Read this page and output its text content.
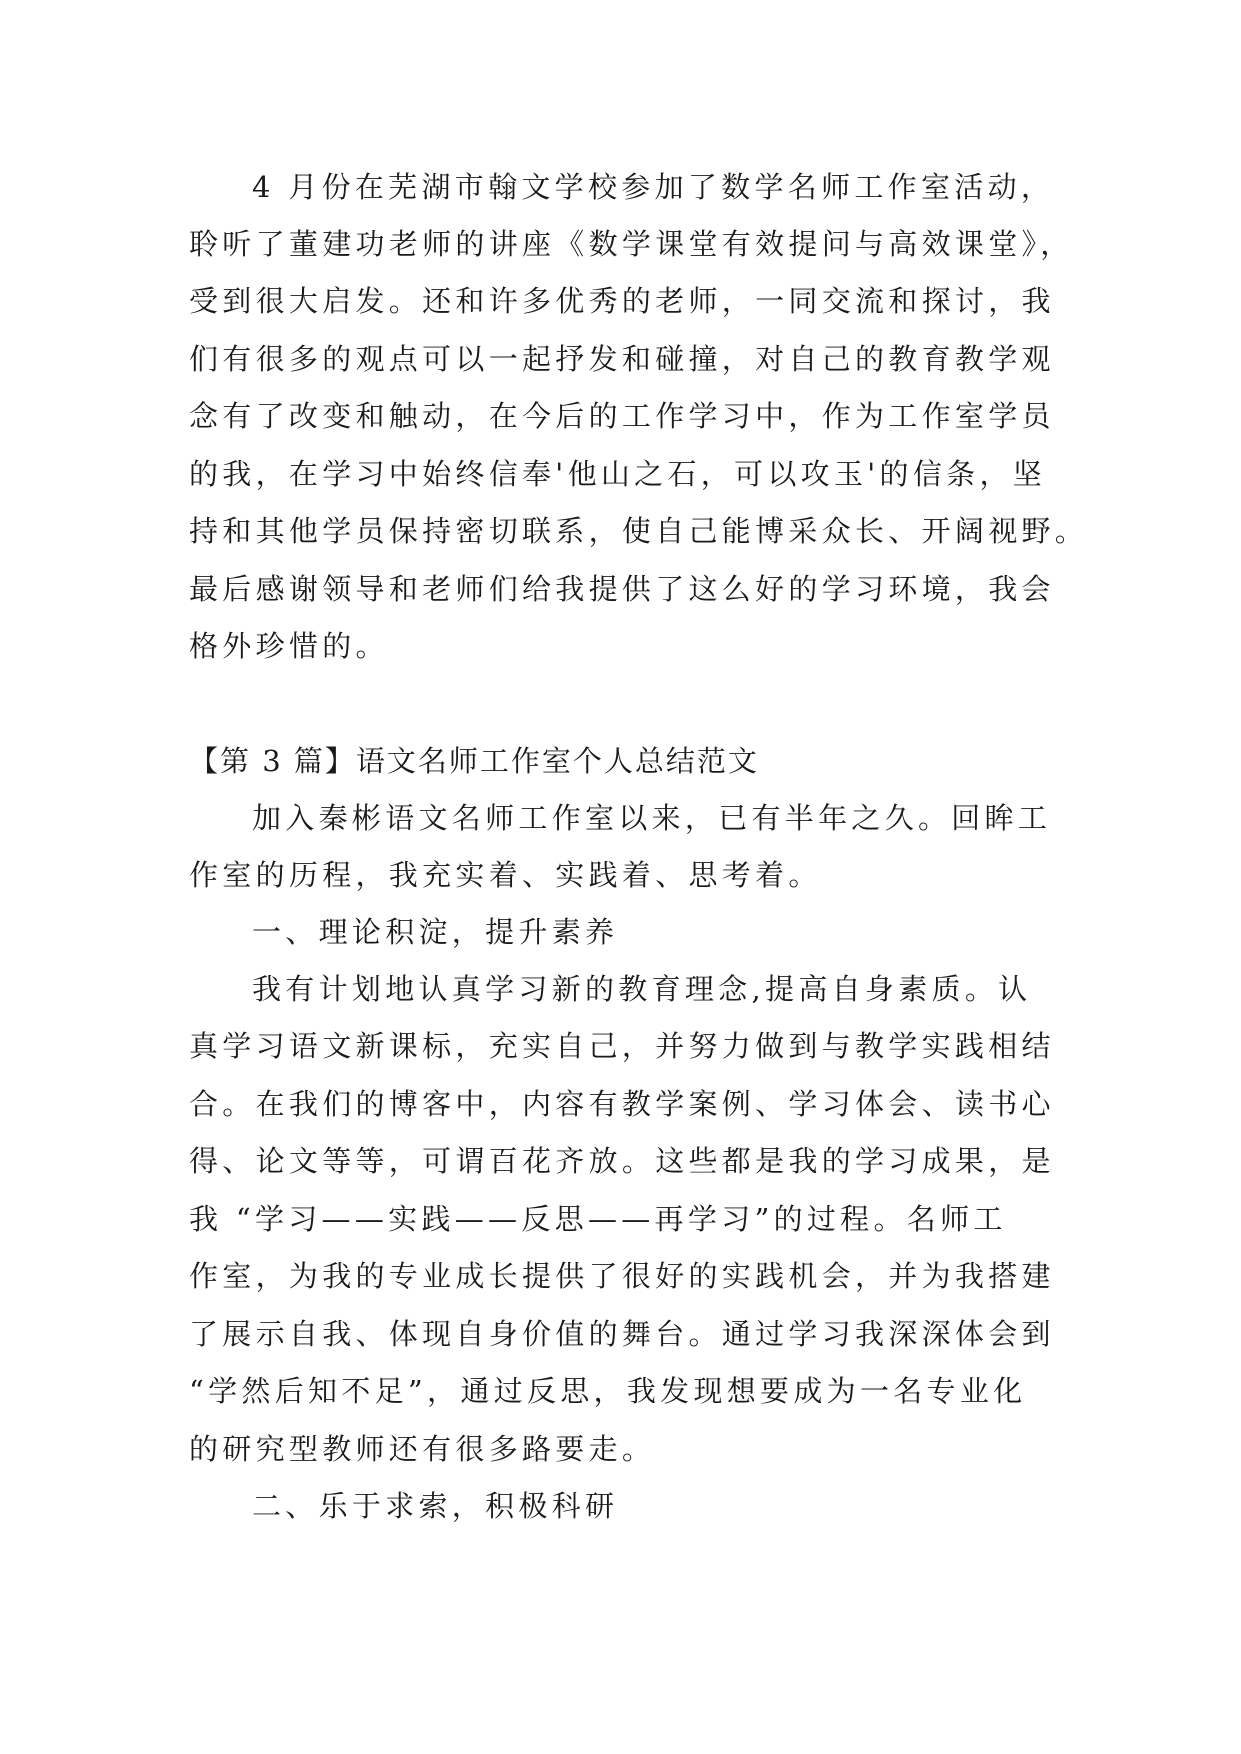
4 月份在芜湖市翰文学校参加了数学名师工作室活动，

聆听了董建功老师的讲座《数学课堂有效提问与高效课堂》，

受到很大启发。还和许多优秀的老师，一同交流和探讨，我

们有很多的观点可以一起抒发和碰撞，对自己的教育教学观

念有了改变和触动，在今后的工作学习中，作为工作室学员

的我，在学习中始终信奉'他山之石，可以攻玉'的信条，坚

持和其他学员保持密切联系，使自己能博采众长、开阔视野。

最后感谢领导和老师们给我提供了这么好的学习环境，我会

格外珍惜的。

【第 3 篇】语文名师工作室个人总结范文

加入秦彬语文名师工作室以来，已有半年之久。回眸工

作室的历程，我充实着、实践着、思考着。

一、理论积淀，提升素养

我有计划地认真学习新的教育理念,提高自身素质。认

真学习语文新课标，充实自己，并努力做到与教学实践相结

合。在我们的博客中，内容有教学案例、学习体会、读书心

得、论文等等，可谓百花齐放。这些都是我的学习成果，是

我 “学习——实践——反思——再学习”的过程。名师工

作室，为我的专业成长提供了很好的实践机会，并为我搭建

了展示自我、体现自身价值的舞台。通过学习我深深体会到

“学然后知不足”，通过反思，我发现想要成为一名专业化

的研究型教师还有很多路要走。

二、乐于求索，积极科研
